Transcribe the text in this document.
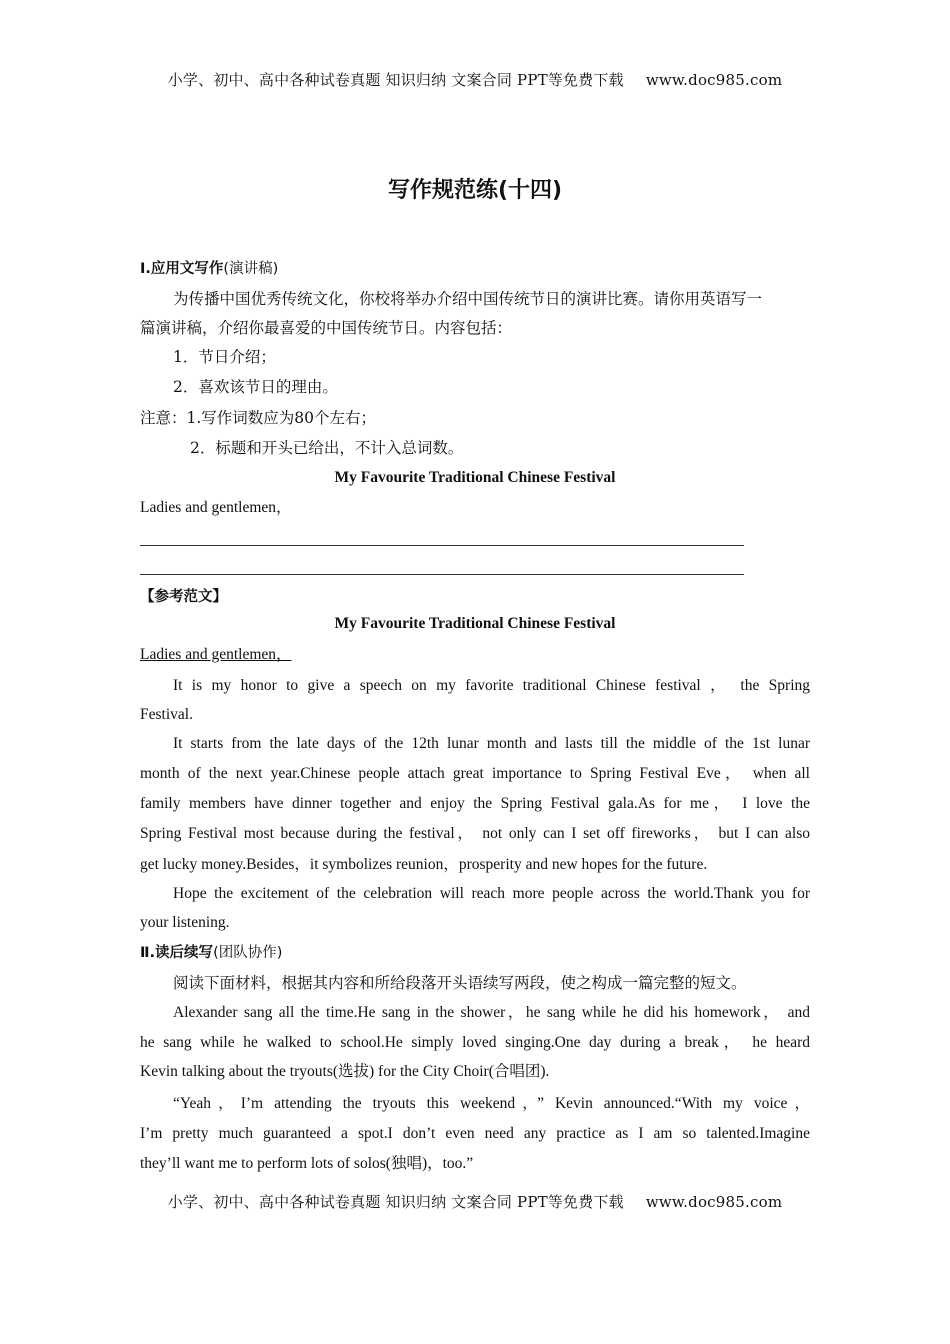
小学、初中、高中各种试卷真题 知识归纳 文案合同 PPT等免费下载 www.doc985.com
写作规范练(十四)
Ⅰ.应用文写作(演讲稿)
为传播中国优秀传统文化，你校将举办介绍中国传统节日的演讲比赛。请你用英语写一
篇演讲稿，介绍你最喜爱的中国传统节日。内容包括：
1．节日介绍；
2．喜欢该节日的理由。
注意：1.写作词数应为80个左右；
2．标题和开头已给出，不计入总词数。
My Favourite Traditional Chinese Festival
Ladies and gentlemen，
【参考范文】
My Favourite Traditional Chinese Festival
Ladies and gentlemen，
It is my honor to give a speech on my favorite traditional Chinese festival ， the Spring
Festival.
It starts from the late days of the 12th lunar month and lasts till the middle of the 1st lunar
month of the next year.Chinese people attach great importance to Spring Festival Eve， when all
family members have dinner together and enjoy the Spring Festival gala.As for me， I love the
Spring Festival most because during the festival， not only can I set off fireworks， but I can also
get lucky money.Besides，it symbolizes reunion，prosperity and new hopes for the future.
Hope the excitement of the celebration will reach more people across the world.Thank you for
your listening.
Ⅱ.读后续写(团队协作)
阅读下面材料，根据其内容和所给段落开头语续写两段，使之构成一篇完整的短文。
Alexander sang all the time.He sang in the shower，he sang while he did his homework， and
he sang while he walked to school.He simply loved singing.One day during a break， he heard
Kevin talking about the tryouts(选拔) for the City Choir(合唱团).
“Yeah，I’m attending the tryouts this weekend，” Kevin announced.“With my voice，
I’m pretty much guaranteed a spot.I don’t even need any practice as I am so talented.Imagine
they’ll want me to perform lots of solos(独唱)，too.”
小学、初中、高中各种试卷真题 知识归纳 文案合同 PPT等免费下载 www.doc985.com
